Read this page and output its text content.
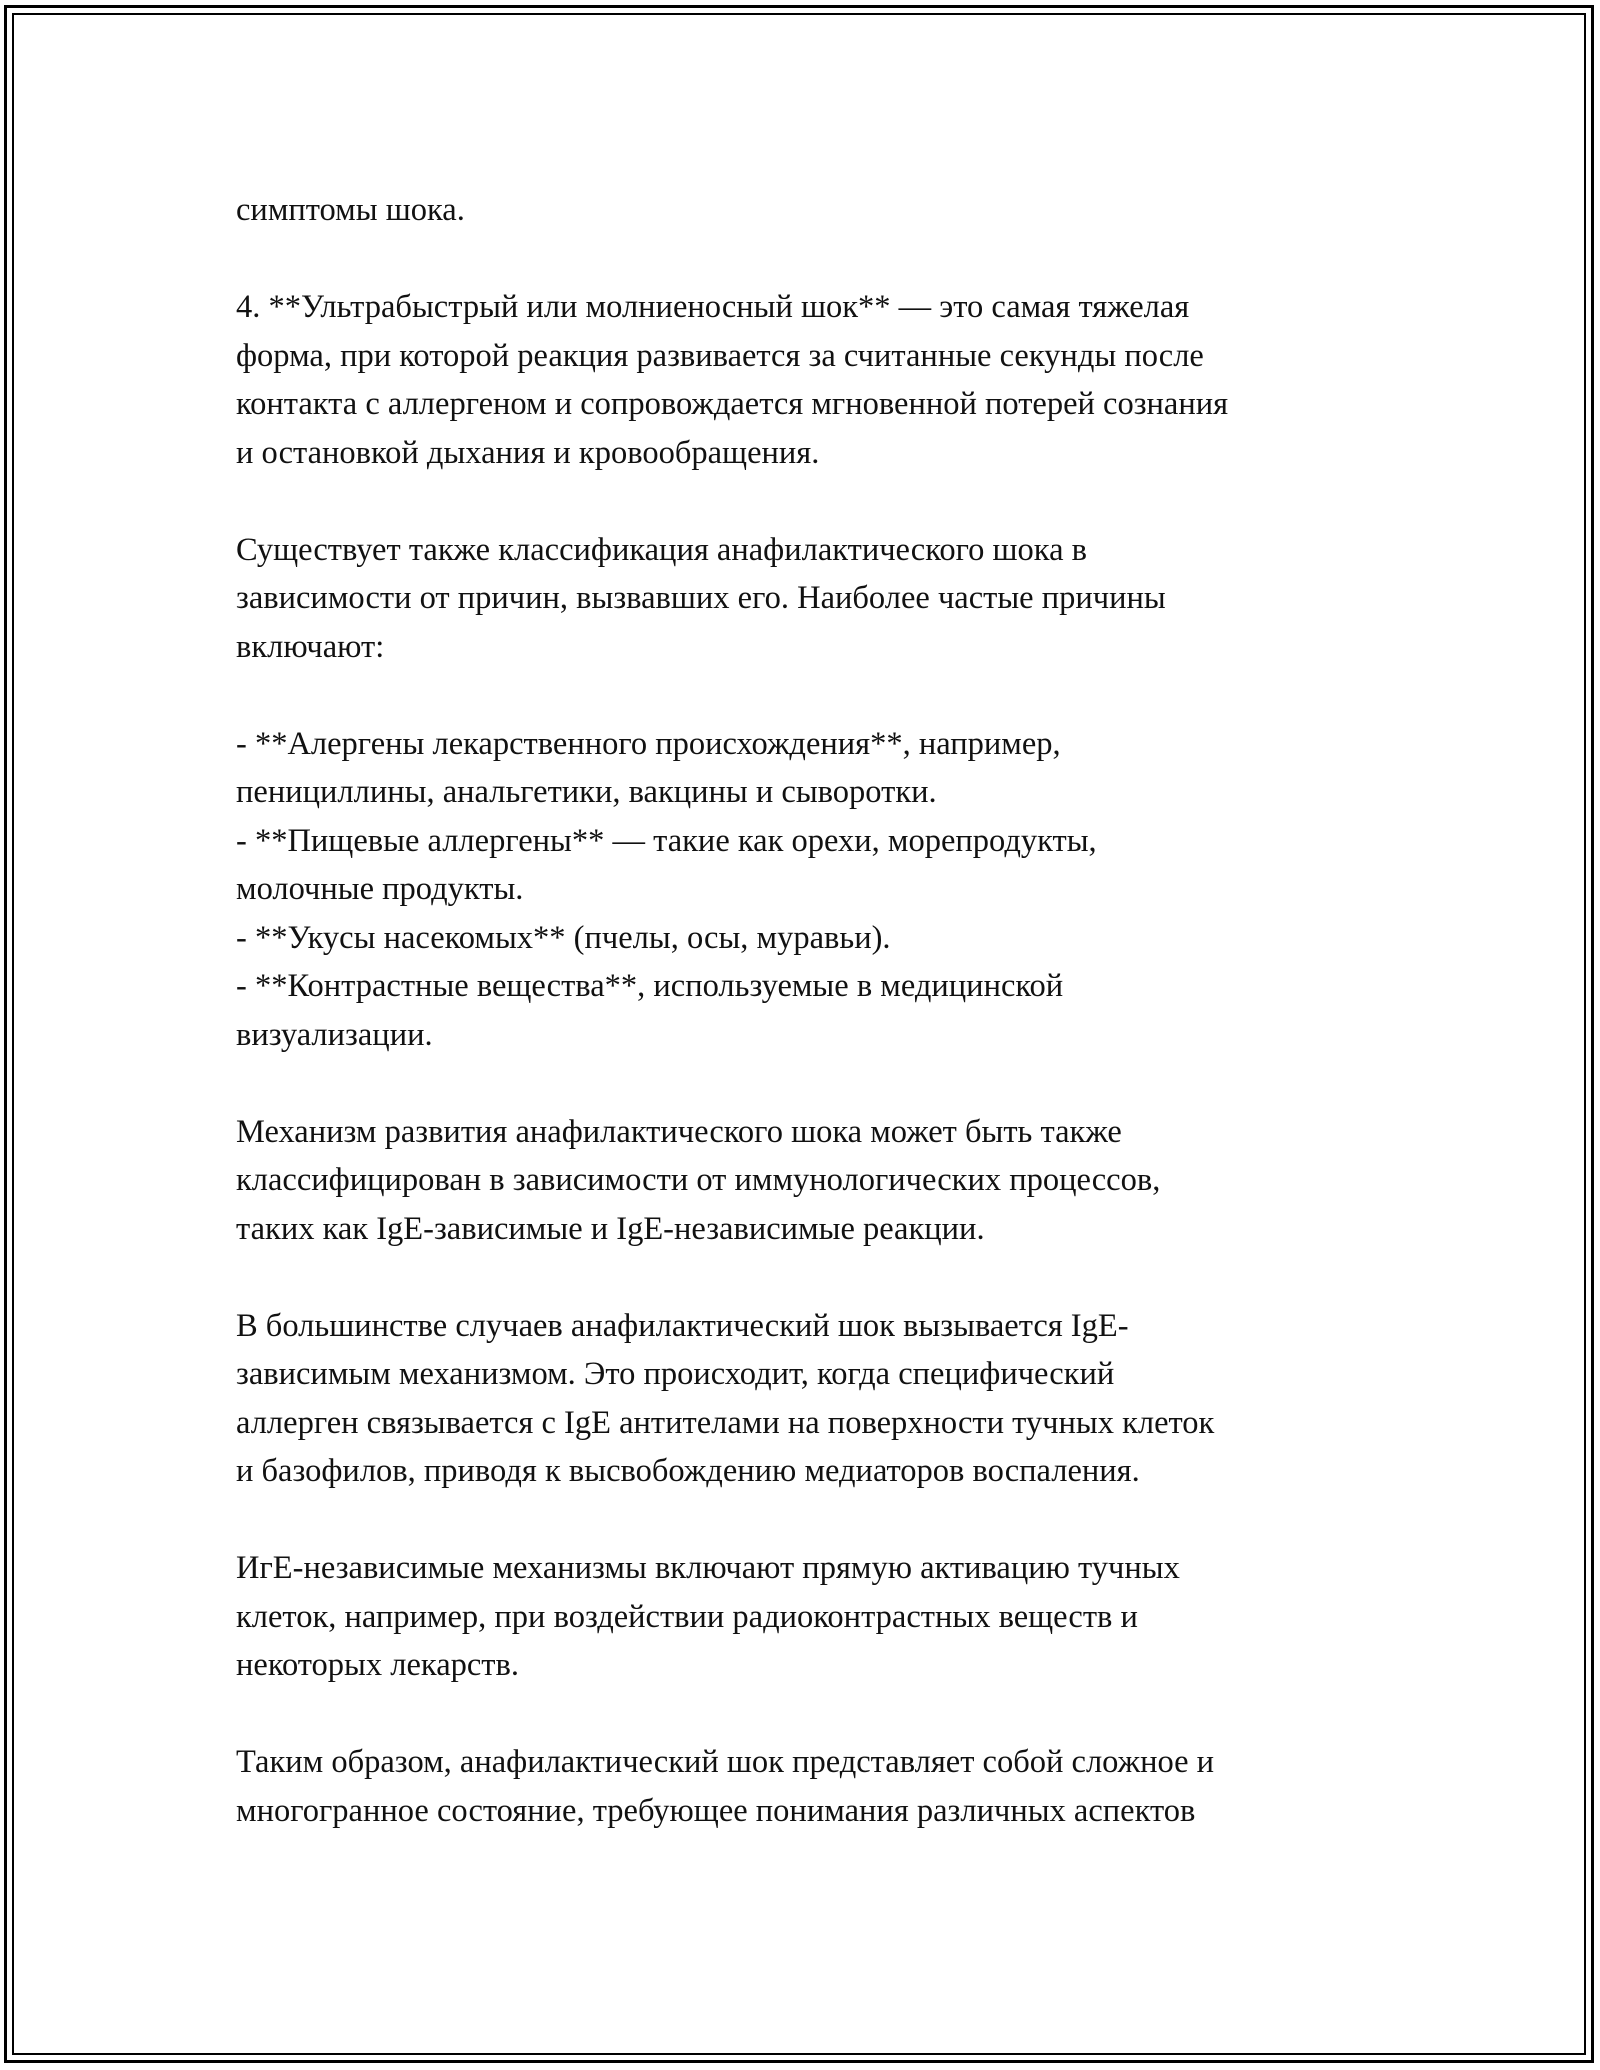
симптомы шока.
4. **Ультрабыстрый или молниеносный шок** — это самая тяжелая
форма, при которой реакция развивается за считанные секунды после
контакта с аллергеном и сопровождается мгновенной потерей сознания
и остановкой дыхания и кровообращения.
Существует также классификация анафилактического шока в
зависимости от причин, вызвавших его. Наиболее частые причины
включают:
- **Алергены лекарственного происхождения**, например,
пенициллины, анальгетики, вакцины и сыворотки.
- **Пищевые аллергены** — такие как орехи, морепродукты,
молочные продукты.
- **Укусы насекомых** (пчелы, осы, муравьи).
- **Контрастные вещества**, используемые в медицинской
визуализации.
Механизм развития анафилактического шока может быть также
классифицирован в зависимости от иммунологических процессов,
таких как IgE-зависимые и IgE-независимые реакции.
В большинстве случаев анафилактический шок вызывается IgE-
зависимым механизмом. Это происходит, когда специфический
аллерген связывается с IgE антителами на поверхности тучных клеток
и базофилов, приводя к высвобождению медиаторов воспаления.
ИгЕ-независимые механизмы включают прямую активацию тучных
клеток, например, при воздействии радиоконтрастных веществ и
некоторых лекарств.
Таким образом, анафилактический шок представляет собой сложное и
многогранное состояние, требующее понимания различных аспектов
